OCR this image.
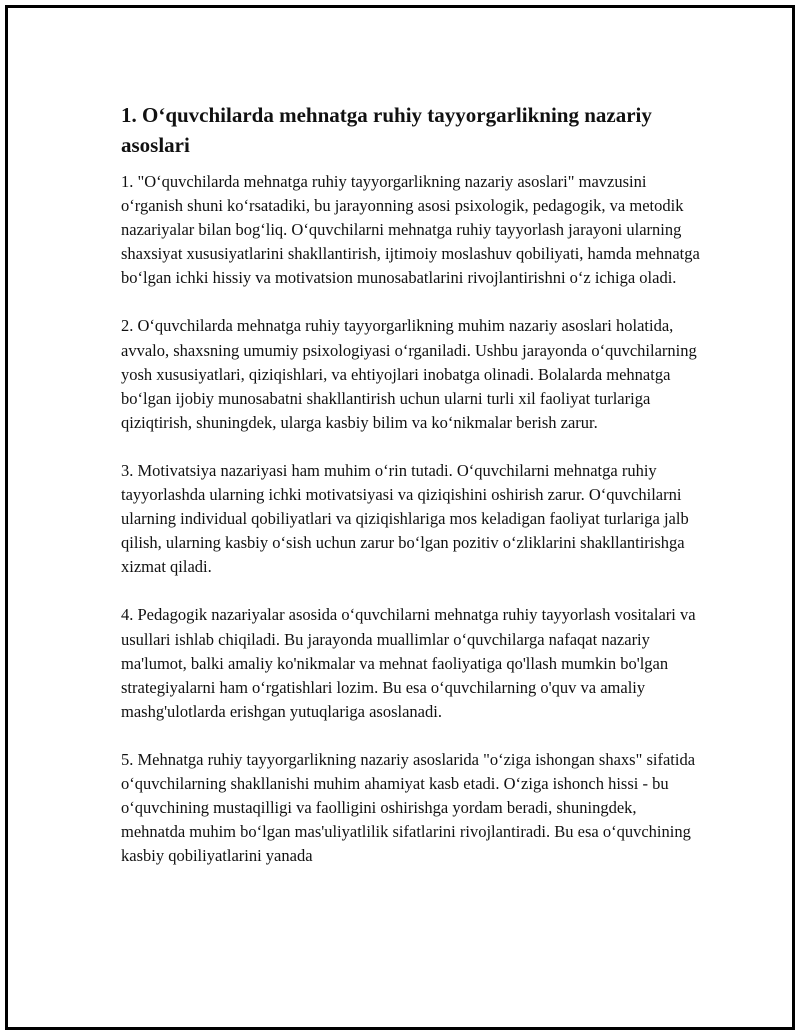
1. O‘quvchilarda mehnatga ruhiy tayyorgarlikning nazariy asoslari

1. "O‘quvchilarda mehnatga ruhiy tayyorgarlikning nazariy asoslari" mavzusini o‘rganish shuni ko‘rsatadiki, bu jarayonning asosi psixologik, pedagogik, va metodik nazariyalar bilan bog‘liq. O‘quvchilarni mehnatga ruhiy tayyorlash jarayoni ularning shaxsiyat xususiyatlarini shakllantirish, ijtimoiy moslashuv qobiliyati, hamda mehnatga bo‘lgan ichki hissiy va motivatsion munosabatlarini rivojlantirishni o‘z ichiga oladi.

2. O‘quvchilarda mehnatga ruhiy tayyorgarlikning muhim nazariy asoslari holatida, avvalo, shaxsning umumiy psixologiyasi o‘rganiladi. Ushbu jarayonda o‘quvchilarning yosh xususiyatlari, qiziqishlari, va ehtiyojlari inobatga olinadi. Bolalarda mehnatga bo‘lgan ijobiy munosabatni shakllantirish uchun ularni turli xil faoliyat turlariga qiziqtirish, shuningdek, ularga kasbiy bilim va ko‘nikmalar berish zarur.

3. Motivatsiya nazariyasi ham muhim o‘rin tutadi. O‘quvchilarni mehnatga ruhiy tayyorlashda ularning ichki motivatsiyasi va qiziqishini oshirish zarur. O‘quvchilarni ularning individual qobiliyatlari va qiziqishlariga mos keladigan faoliyat turlariga jalb qilish, ularning kasbiy o‘sish uchun zarur bo‘lgan pozitiv o‘zliklarini shakllantirishga xizmat qiladi.

4. Pedagogik nazariyalar asosida o‘quvchilarni mehnatga ruhiy tayyorlash vositalari va usullari ishlab chiqiladi. Bu jarayonda muallimlar o‘quvchilarga nafaqat nazariy ma'lumot, balki amaliy ko'nikmalar va mehnat faoliyatiga qo'llash mumkin bo'lgan strategiyalarni ham o‘rgatishlari lozim. Bu esa o‘quvchilarning o'quv va amaliy mashg'ulotlarda erishgan yutuqlariga asoslanadi.

5. Mehnatga ruhiy tayyorgarlikning nazariy asoslarida "o‘ziga ishongan shaxs" sifatida o‘quvchilarning shakllanishi muhim ahamiyat kasb etadi. O‘ziga ishonch hissi - bu o‘quvchining mustaqilligi va faolligini oshirishga yordam beradi, shuningdek, mehnatda muhim bo‘lgan mas'uliyatlilik sifatlarini rivojlantiradi. Bu esa o‘quvchining kasbiy qobiliyatlarini yanada
